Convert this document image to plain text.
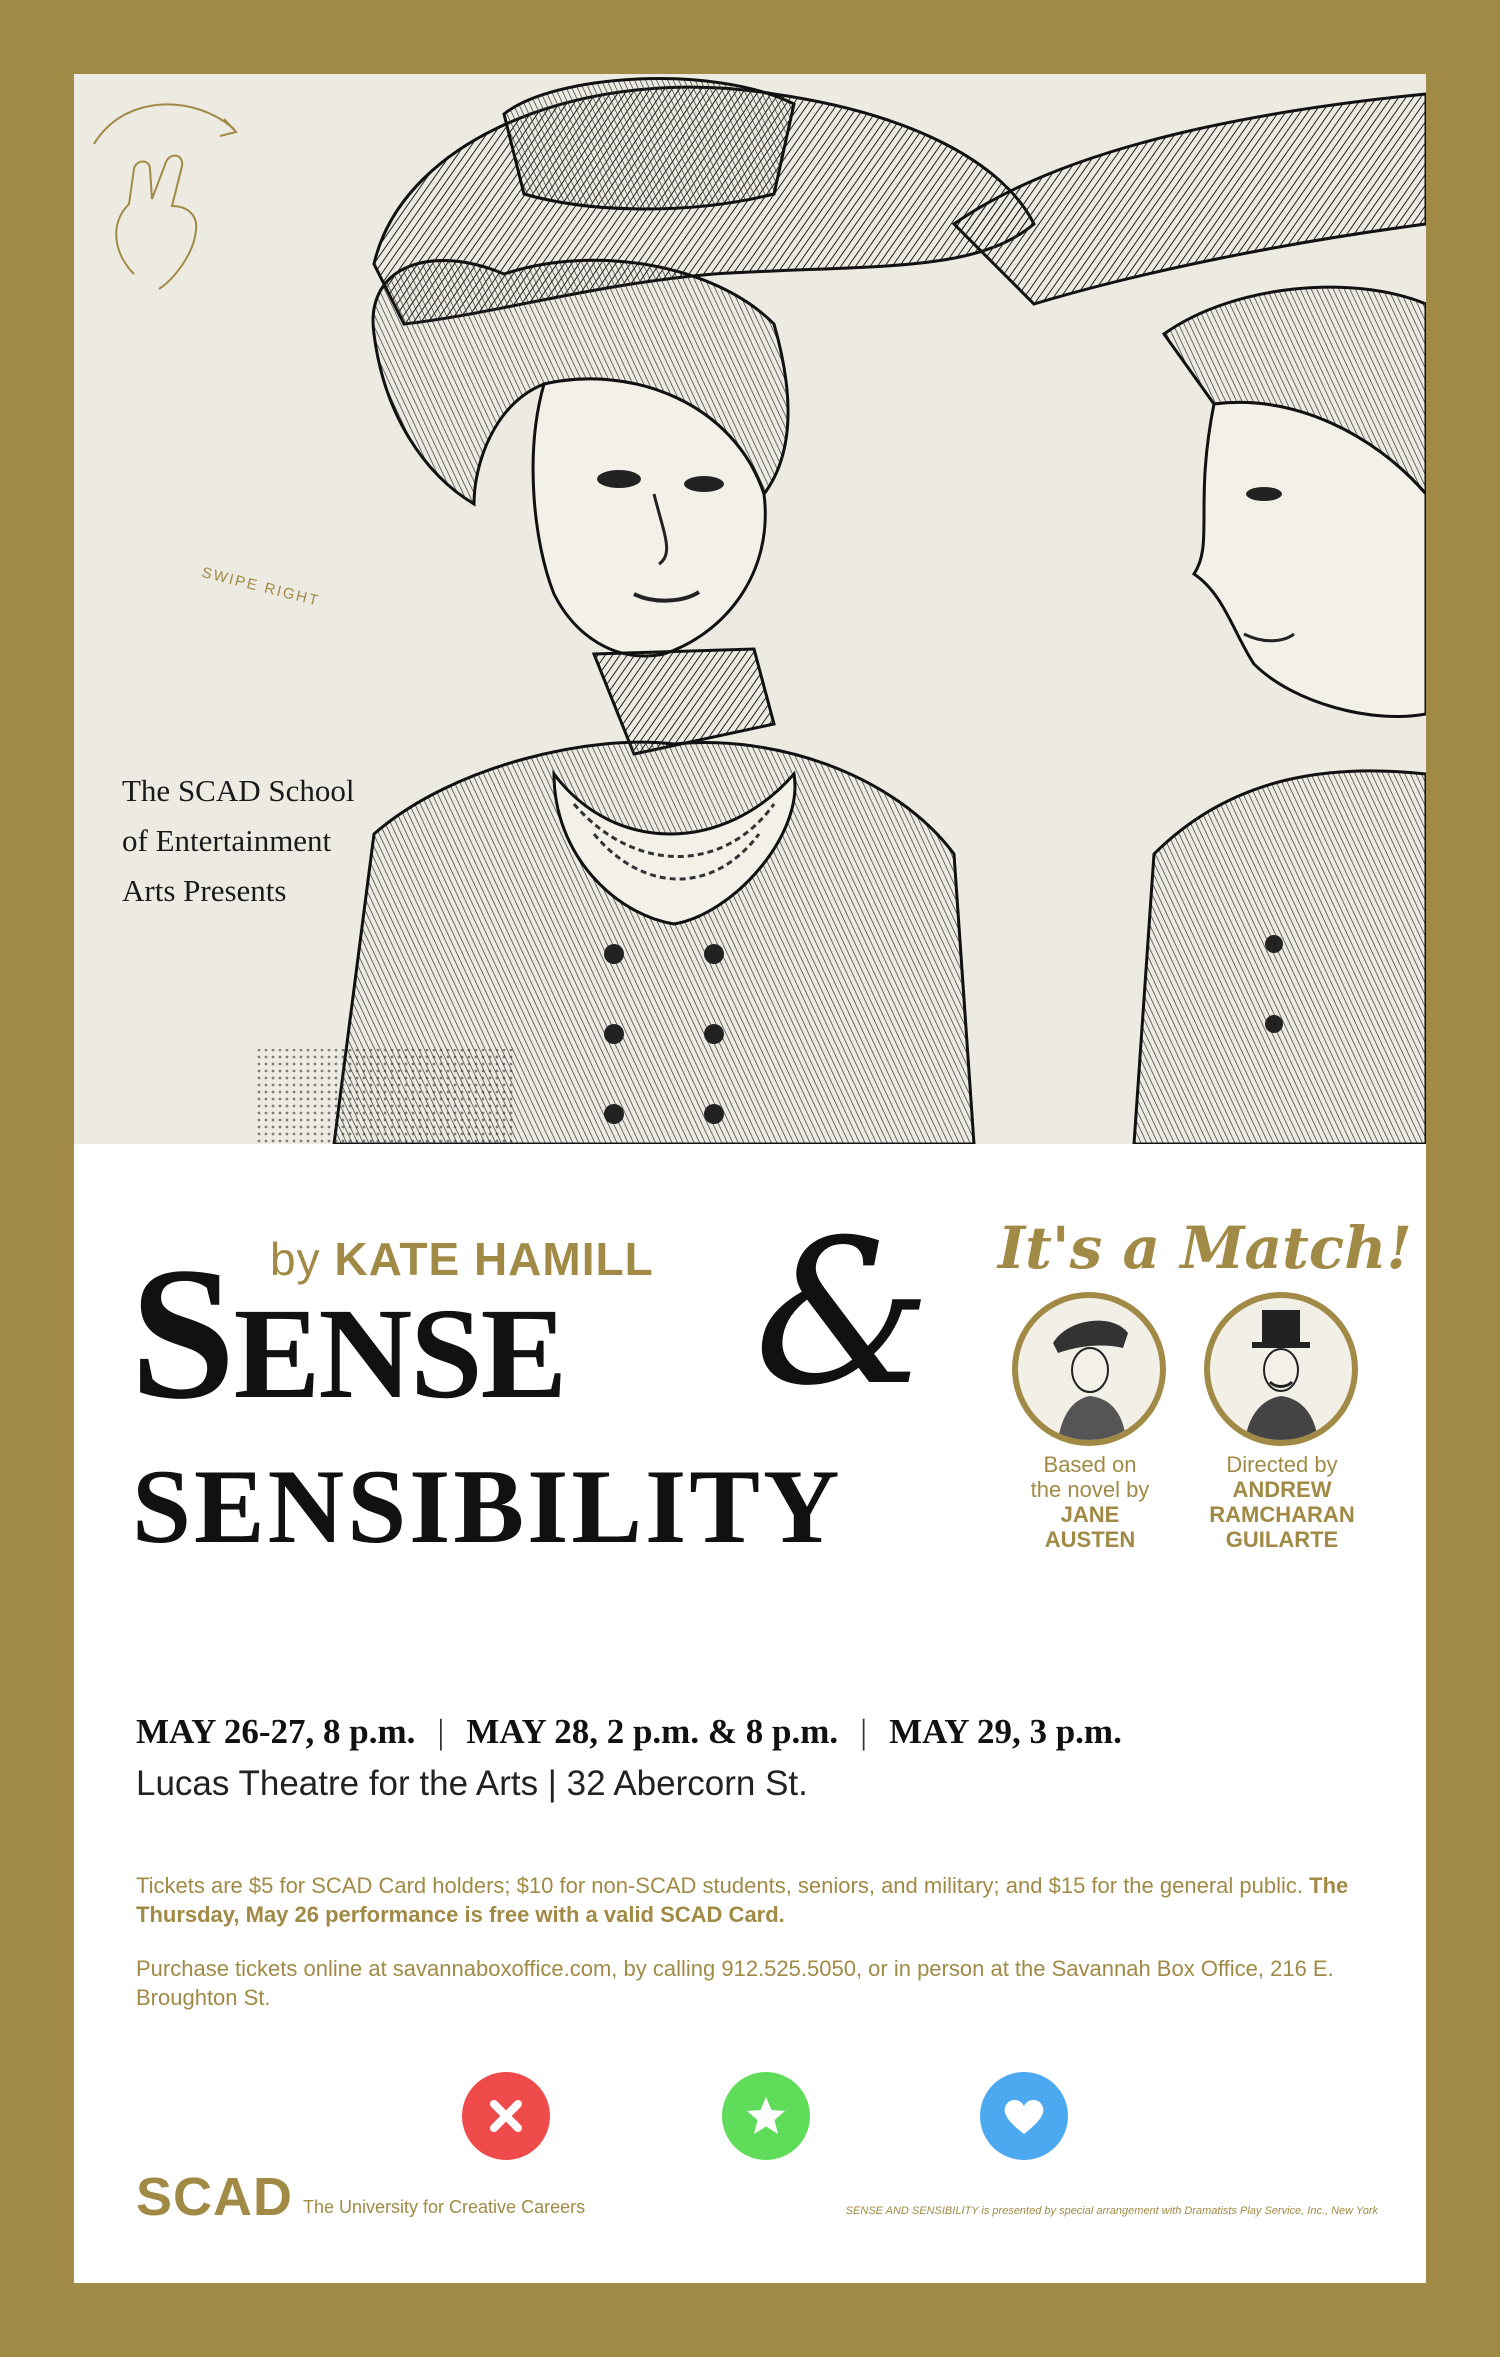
SWIPE RIGHT
The SCAD School
of Entertainment
Arts Presents
by KATE HAMILL
SENSE &
SENSIBILITY
It's a Match!
Based on
the novel by
JANE
AUSTEN
Directed by
ANDREW
RAMCHARAN
GUILARTE
MAY 26-27, 8 p.m. | MAY 28, 2 p.m. & 8 p.m. | MAY 29, 3 p.m.
Lucas Theatre for the Arts | 32 Abercorn St.
Tickets are $5 for SCAD Card holders; $10 for non-SCAD students, seniors, and military; and $15 for the general public. The Thursday, May 26 performance is free with a valid SCAD Card.
Purchase tickets online at savannaboxoffice.com, by calling 912.525.5050, or in person at the Savannah Box Office, 216 E. Broughton St.
SCAD The University for Creative Careers	SENSE AND SENSIBILITY is presented by special arrangement with Dramatists Play Service, Inc., New York
